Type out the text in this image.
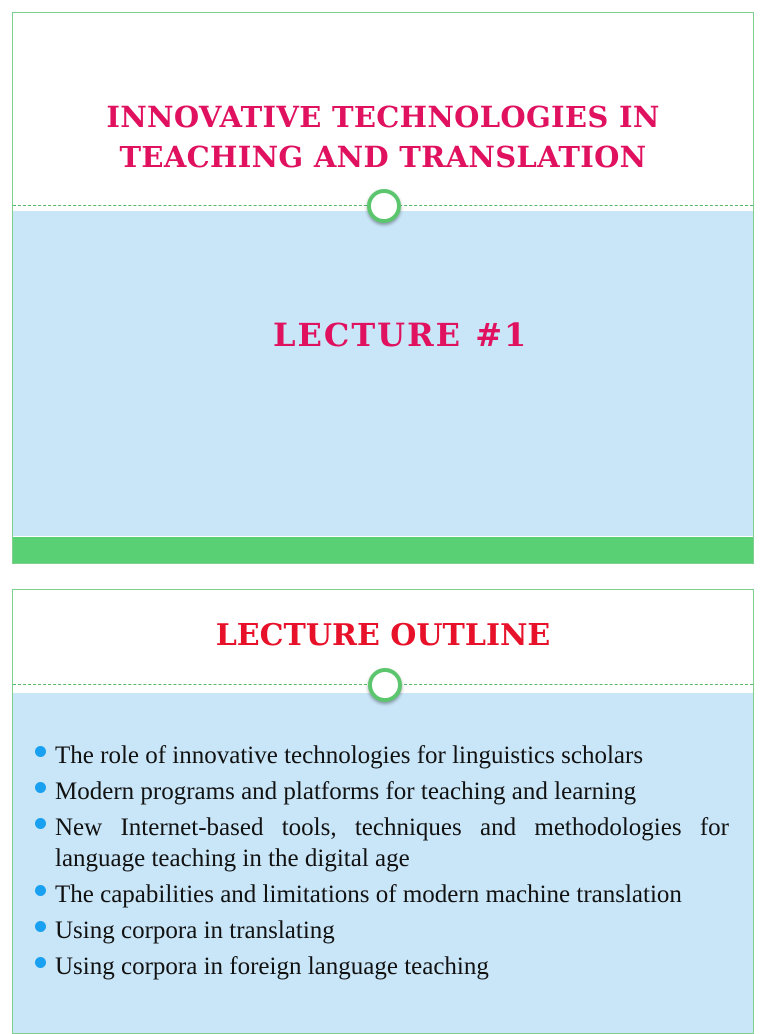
INNOVATIVE TECHNOLOGIES IN
TEACHING AND TRANSLATION
LECTURE #1
LECTURE OUTLINE
The role of innovative technologies for linguistics scholars
Modern programs and platforms for teaching and learning
New Internet-based tools, techniques and methodologies for language teaching in the digital age
The capabilities and limitations of modern machine translation
Using corpora in translating
Using corpora in foreign language teaching
